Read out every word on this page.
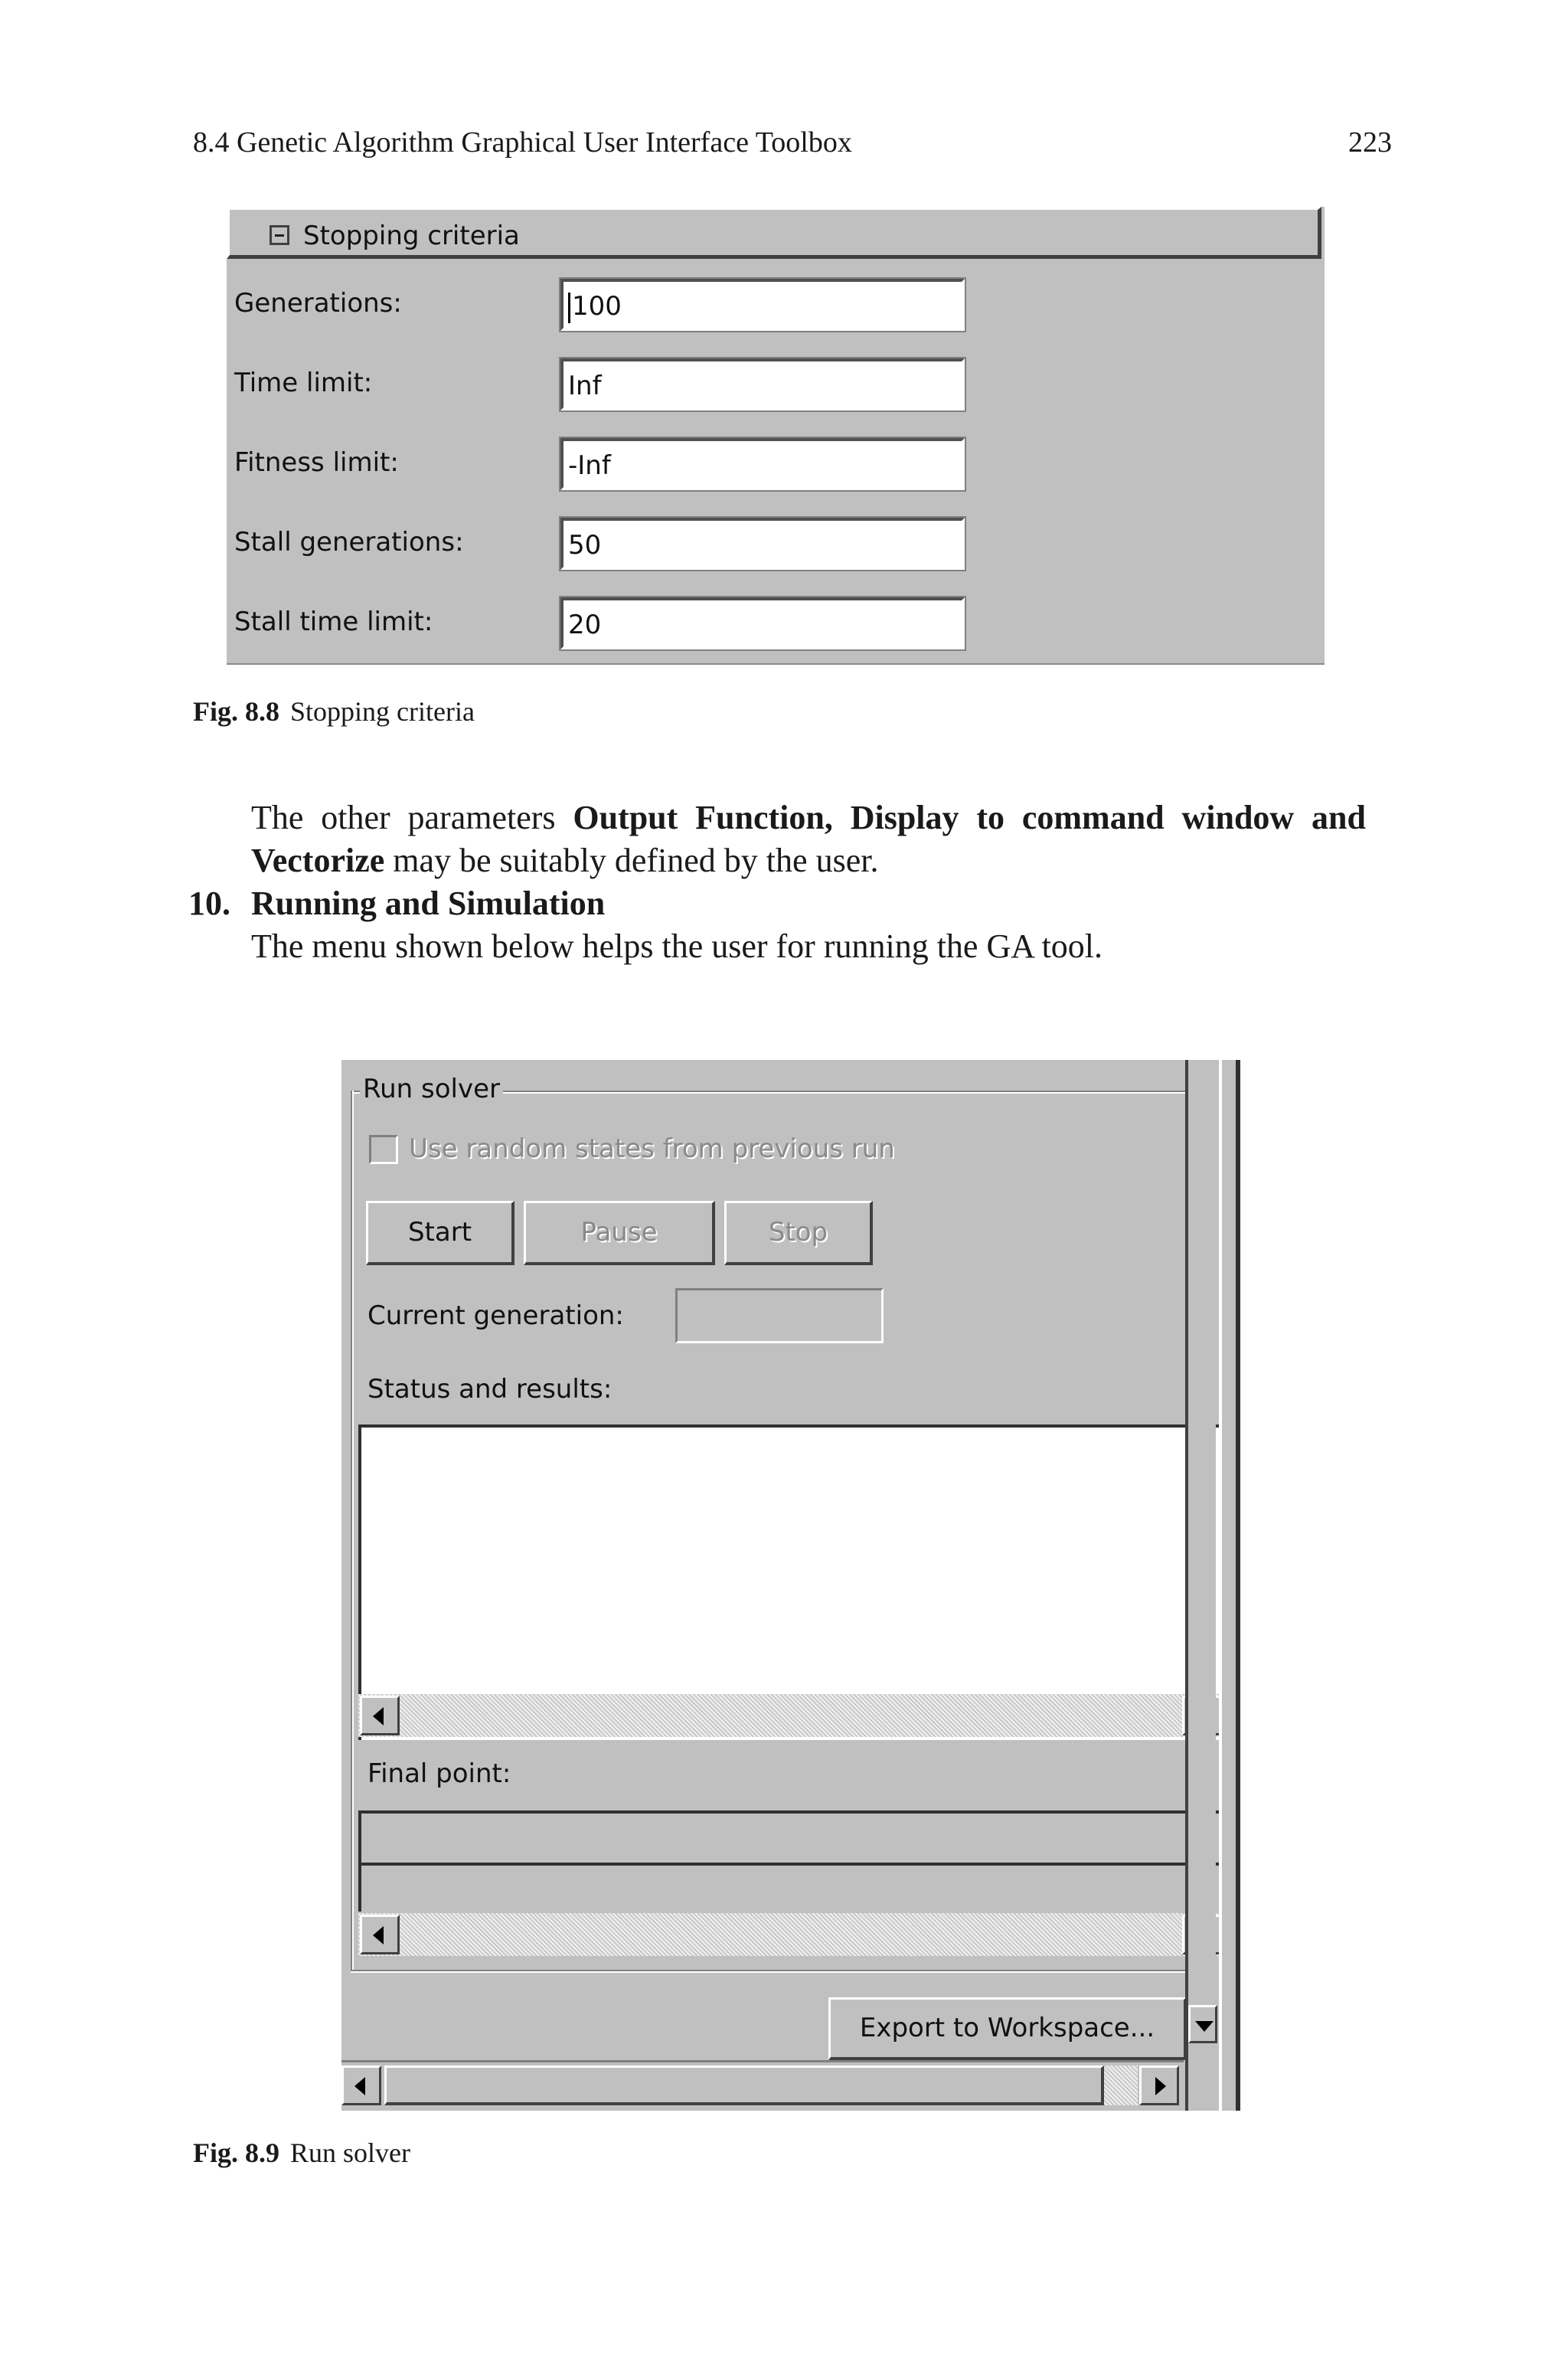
8.4 Genetic Algorithm Graphical User Interface Toolbox	223
Stopping criteria
Generations:	100
Time limit:	Inf
Fitness limit:	-Inf
Stall generations:	50
Stall time limit:	20
Fig. 8.8 Stopping criteria
The other parameters Output Function, Display to command window and Vectorize may be suitably defined by the user.
10. Running and Simulation
The menu shown below helps the user for running the GA tool.
Run solver
Use random states from previous run
Start	Pause	Stop
Current generation:
Status and results:
Final point:
Export to Workspace...
Fig. 8.9 Run solver
